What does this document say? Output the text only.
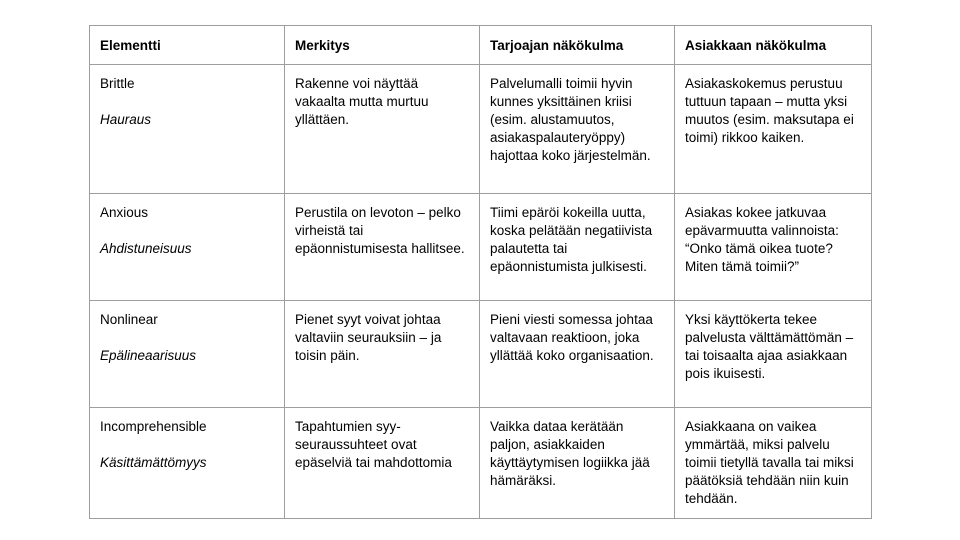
Elementti	Merkitys	Tarjoajan näkökulma	Asiakkaan näkökulma

Brittle
Hauraus	Rakenne voi näyttää vakaalta mutta murtuu yllättäen.	Palvelumalli toimii hyvin kunnes yksittäinen kriisi (esim. alustamuutos, asiakaspalauteryöppy) hajottaa koko järjestelmän.	Asiakaskokemus perustuu tuttuun tapaan – mutta yksi muutos (esim. maksutapa ei toimi) rikkoo kaiken.

Anxious
Ahdistuneisuus	Perustila on levoton – pelko virheistä tai epäonnistumisesta hallitsee.	Tiimi epäröi kokeilla uutta, koska pelätään negatiivista palautetta tai epäonnistumista julkisesti.	Asiakas kokee jatkuvaa epävarmuutta valinnoista: “Onko tämä oikea tuote? Miten tämä toimii?”

Nonlinear
Epälineaarisuus	Pienet syyt voivat johtaa valtaviin seurauksiin – ja toisin päin.	Pieni viesti somessa johtaa valtavaan reaktioon, joka yllättää koko organisaation.	Yksi käyttökerta tekee palvelusta välttämättömän – tai toisaalta ajaa asiakkaan pois ikuisesti.

Incomprehensible
Käsittämättömyys	Tapahtumien syy-seuraussuhteet ovat epäselviä tai mahdottomia	Vaikka dataa kerätään paljon, asiakkaiden käyttäytymisen logiikka jää hämäräksi.	Asiakkaana on vaikea ymmärtää, miksi palvelu toimii tietyllä tavalla tai miksi päätöksiä tehdään niin kuin tehdään.
